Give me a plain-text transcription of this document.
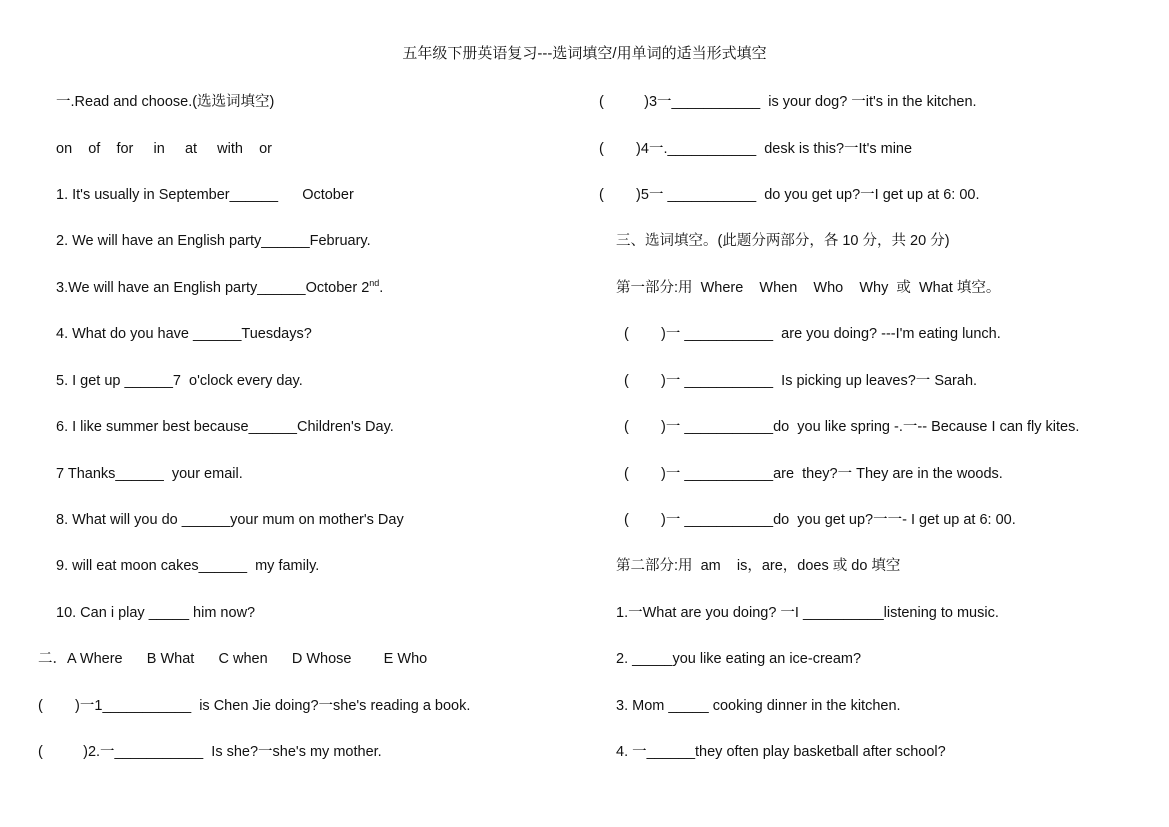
五年级下册英语复习---选词填空/用单词的适当形式填空
一.Read and choose.(选选词填空)
on    of    for     in     at     with    or
1. It's usually in September______      October
2. We will have an English party______February.
3.We will have an English party______October 2nd.
4. What do you have ______Tuesdays?
5. I get up ______7  o'clock every day.
6. I like summer best because______Children's Day.
7 Thanks______  your email.
8. What will you do ______your mum on mother's Day
9. will eat moon cakes______  my family.
10. Can i play _____ him now?
二．A Where      B What      C when      D Whose        E Who
(        )一1___________  is Chen Jie doing?一she's reading a book.
(          )2.一___________  Is she?一she's my mother.
(          )3一___________  is your dog? 一it's in the kitchen.
(        )4一.___________  desk is this?一It's mine
(        )5一 ___________  do you get up?一I get up at 6: 00.
三、选词填空。(此题分两部分，各 10 分，共 20 分)
第一部分:用  Where    When    Who    Why  或  What 填空。
(        )一 ___________  are you doing? ---I'm eating lunch.
(        )一 ___________  Is picking up leaves?一 Sarah.
(        )一 ___________do  you like spring -.一-- Because I can fly kites.
(        )一 ___________are  they?一 They are in the woods.
(        )一 ___________do  you get up?一一- I get up at 6: 00.
第二部分:用  am    is，are，does 或 do 填空
1.一What are you doing? 一I __________listening to music.
2. _____you like eating an ice-cream?
3. Mom _____ cooking dinner in the kitchen.
4. 一______they often play basketball after school?
